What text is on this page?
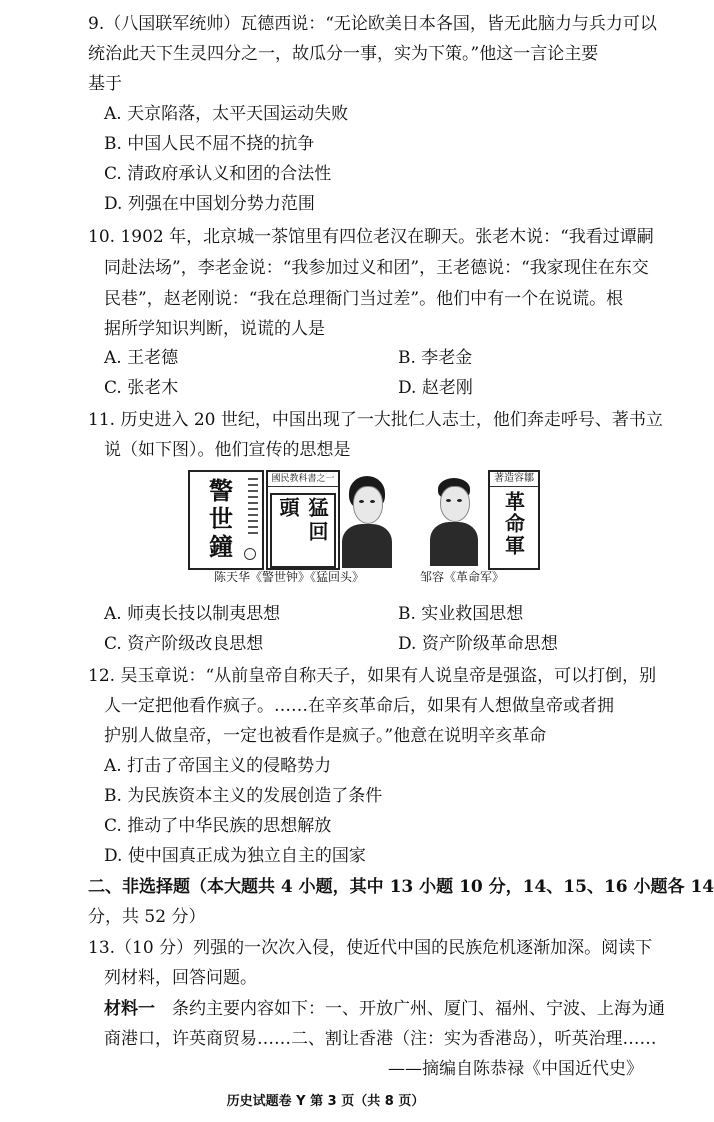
9.（八国联军统帅）瓦德西说：“无论欧美日本各国，皆无此脑力与兵力可以
统治此天下生灵四分之一，故瓜分一事，实为下策。”他这一言论主要
基于
A. 天京陷落，太平天国运动失败
B. 中国人民不屈不挠的抗争
C. 清政府承认义和团的合法性
D. 列强在中国划分势力范围
10. 1902 年，北京城一茶馆里有四位老汉在聊天。张老木说：“我看过谭嗣
同赴法场”，李老金说：“我参加过义和团”，王老德说：“我家现住在东交
民巷”，赵老刚说：“我在总理衙门当过差”。他们中有一个在说谎。根
据所学知识判断，说谎的人是
A. 王老德	B. 李老金
C. 张老木	D. 赵老刚
11. 历史进入 20 世纪，中国出现了一大批仁人志士，他们奔走呼号、著书立
说（如下图）。他们宣传的思想是
警世鐘	國民教科書之一
猛回頭
著造容鄒
革命軍
陈天华《警世钟》《猛回头》	邹容《革命军》
A. 师夷长技以制夷思想	B. 实业救国思想
C. 资产阶级改良思想	D. 资产阶级革命思想
12. 吴玉章说：“从前皇帝自称天子，如果有人说皇帝是强盗，可以打倒，别
人一定把他看作疯子。……在辛亥革命后，如果有人想做皇帝或者拥
护别人做皇帝，一定也被看作是疯子。”他意在说明辛亥革命
A. 打击了帝国主义的侵略势力
B. 为民族资本主义的发展创造了条件
C. 推动了中华民族的思想解放
D. 使中国真正成为独立自主的国家
二、非选择题（本大题共 4 小题，其中 13 小题 10 分，14、15、16 小题各 14
分，共 52 分）
13.（10 分）列强的一次次入侵，使近代中国的民族危机逐渐加深。阅读下
列材料，回答问题。
材料一　条约主要内容如下：一、开放广州、厦门、福州、宁波、上海为通
商港口，许英商贸易……二、割让香港（注：实为香港岛），听英治理……
——摘编自陈恭禄《中国近代史》
历史试题卷 Y 第 3 页（共 8 页）
